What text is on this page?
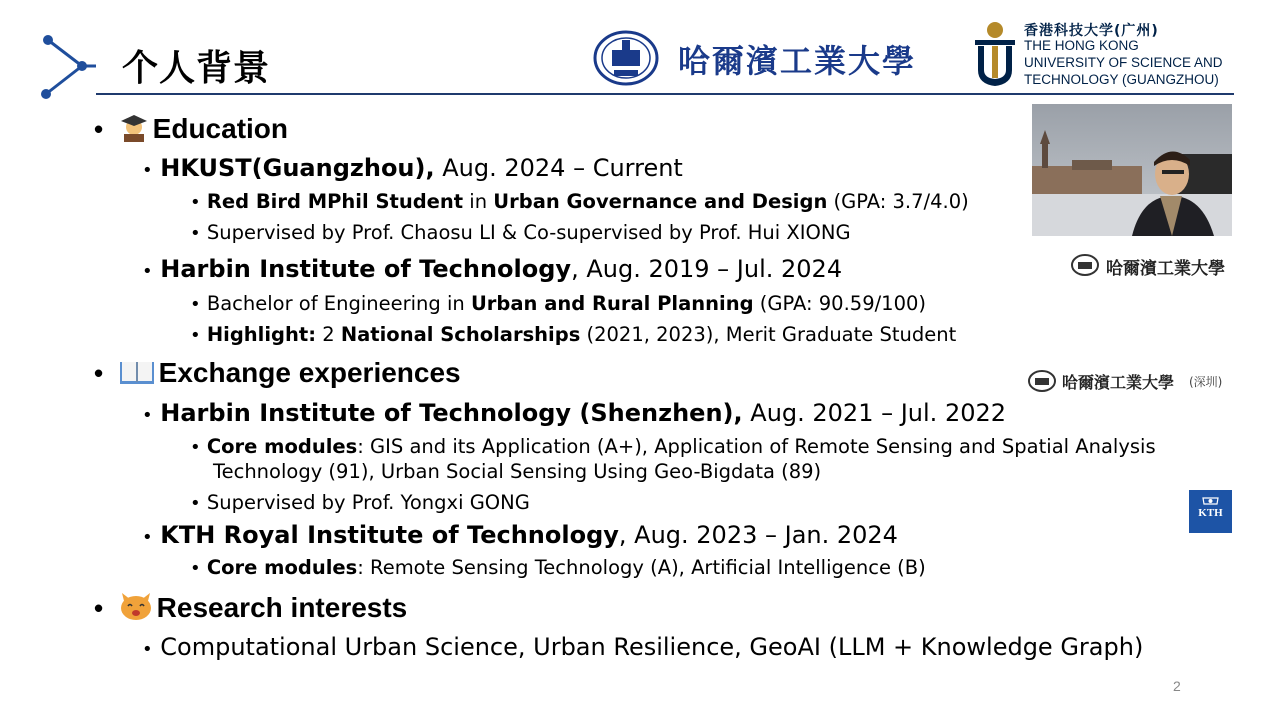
个人背景	哈爾濱工業大學
香港科技大学(广州)
THE HONG KONG
UNIVERSITY OF SCIENCE AND
TECHNOLOGY (GUANGZHOU)
• Education
• HKUST(Guangzhou), Aug. 2024 – Current
• Red Bird MPhil Student in Urban Governance and Design (GPA: 3.7/4.0)
• Supervised by Prof. Chaosu LI & Co-supervised by Prof. Hui XIONG
• Harbin Institute of Technology, Aug. 2019 – Jul. 2024
• Bachelor of Engineering in Urban and Rural Planning (GPA: 90.59/100)
• Highlight: 2 National Scholarships (2021, 2023), Merit Graduate Student
• Exchange experiences
• Harbin Institute of Technology (Shenzhen), Aug. 2021 – Jul. 2022
• Core modules: GIS and its Application (A+), Application of Remote Sensing and Spatial Analysis
Technology (91), Urban Social Sensing Using Geo-Bigdata (89)
• Supervised by Prof. Yongxi GONG
• KTH Royal Institute of Technology, Aug. 2023 – Jan. 2024
• Core modules: Remote Sensing Technology (A), Artificial Intelligence (B)
• Research interests
• Computational Urban Science, Urban Resilience, GeoAI (LLM + Knowledge Graph)
哈爾濱工業大學
哈爾濱工業大學 (深圳)
KTH
2
